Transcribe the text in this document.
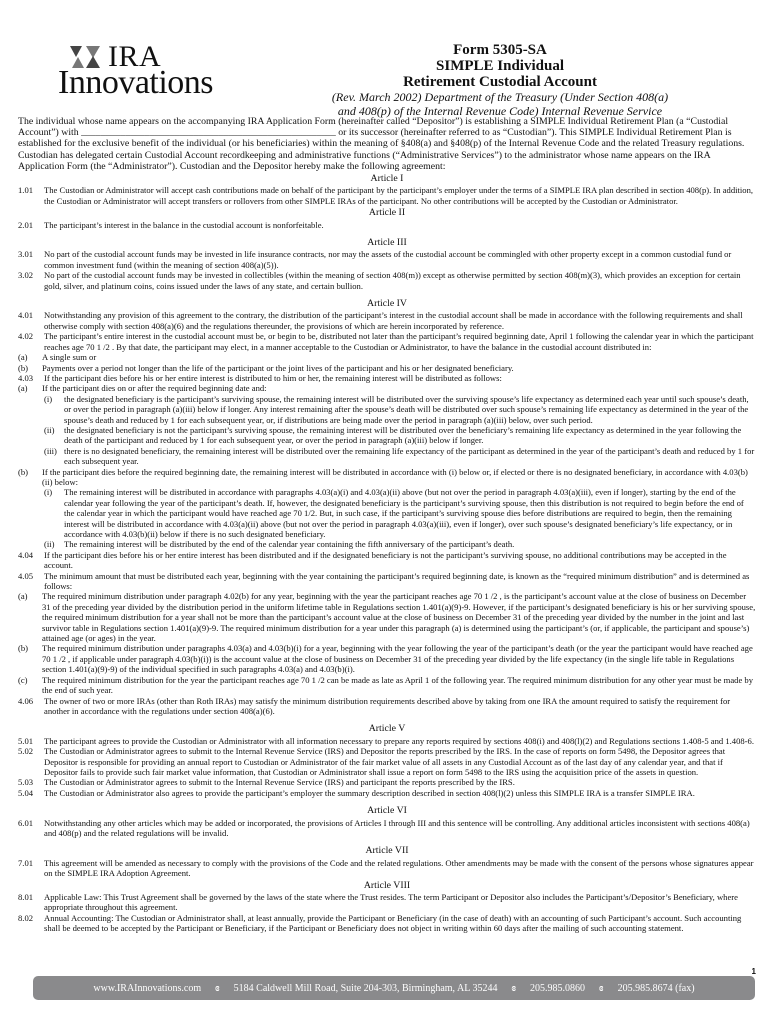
IRA
Innovations
Form 5305-SA
SIMPLE Individual
Retirement Custodial Account
(Rev. March 2002) Department of the Treasury (Under Section 408(a)
and 408(p) of the Internal Revenue Code) Internal Revenue Service

The individual whose name appears on the accompanying IRA Application Form (hereinafter called “Depositor”) is establishing a SIMPLE Individual Retirement Plan (a “Custodial Account”) with ____________________________________________________ or its successor (hereinafter referred to as “Custodian”). This SIMPLE Individual Retirement Plan is established for the exclusive benefit of the individual (or his beneficiaries) within the meaning of §408(a) and §408(p) of the Internal Revenue Code and the related Treasury regulations. Custodian has delegated certain Custodial Account recordkeeping and administrative functions (“Administrative Services”) to the administrator whose name appears on the IRA Application Form (the “Administrator”). Custodian and the Depositor hereby make the following agreement:

Article I
1.01	The Custodian or Administrator will accept cash contributions made on behalf of the participant by the participant’s employer under the terms of a SIMPLE IRA plan described in section 408(p). In addition, the Custodian or Administrator will accept transfers or rollovers from other SIMPLE IRAs of the participant. No other contributions will be accepted by the Custodian or Administrator.
Article II
2.01	The participant’s interest in the balance in the custodial account is nonforfeitable.
Article III
3.01	No part of the custodial account funds may be invested in life insurance contracts, nor may the assets of the custodial account be commingled with other property except in a common custodial fund or common investment fund (within the meaning of section 408(a)(5)).
3.02	No part of the custodial account funds may be invested in collectibles (within the meaning of section 408(m)) except as otherwise permitted by section 408(m)(3), which provides an exception for certain gold, silver, and platinum coins, coins issued under the laws of any state, and certain bullion.
Article IV
4.01	Notwithstanding any provision of this agreement to the contrary, the distribution of the participant’s interest in the custodial account shall be made in accordance with the following requirements and shall otherwise comply with section 408(a)(6) and the regulations thereunder, the provisions of which are herein incorporated by reference.
4.02	The participant’s entire interest in the custodial account must be, or begin to be, distributed not later than the participant’s required beginning date, April 1 following the calendar year in which the participant reaches age 70 1 /2 . By that date, the participant may elect, in a manner acceptable to the Custodian or Administrator, to have the balance in the custodial account distributed in:
(a)	A single sum or
(b)	Payments over a period not longer than the life of the participant or the joint lives of the participant and his or her designated beneficiary.
4.03	If the participant dies before his or her entire interest is distributed to him or her, the remaining interest will be distributed as follows:
(a)	If the participant dies on or after the required beginning date and:
(i)	the designated beneficiary is the participant’s surviving spouse, the remaining interest will be distributed over the surviving spouse’s life expectancy as determined each year until such spouse’s death, or over the period in paragraph (a)(iii) below if longer. Any interest remaining after the spouse’s death will be distributed over such spouse’s remaining life expectancy as determined in the year of the spouse’s death and reduced by 1 for each subsequent year, or, if distributions are being made over the period in paragraph (a)(iii) below, over such period.
(ii)	the designated beneficiary is not the participant’s surviving spouse, the remaining interest will be distributed over the beneficiary’s remaining life expectancy as determined in the year following the death of the participant and reduced by 1 for each subsequent year, or over the period in paragraph (a)(iii) below if longer.
(iii) there is no designated beneficiary, the remaining interest will be distributed over the remaining life expectancy of the participant as determined in the year of the participant’s death and reduced by 1 for each subsequent year.
(b)	If the participant dies before the required beginning date, the remaining interest will be distributed in accordance with (i) below or, if elected or there is no designated beneficiary, in accordance with 4.03(b)(ii) below:
(i)	The remaining interest will be distributed in accordance with paragraphs 4.03(a)(i) and 4.03(a)(ii) above (but not over the period in paragraph 4.03(a)(iii), even if longer), starting by the end of the calendar year following the year of the participant’s death. If, however, the designated beneficiary is the participant’s surviving spouse, then this distribution is not required to begin before the end of the calendar year in which the participant would have reached age 70 1/2. But, in such case, if the participant’s surviving spouse dies before distributions are required to begin, then the remaining interest will be distributed in accordance with 4.03(a)(ii) above (but not over the period in paragraph 4.03(a)(iii), even if longer), over such spouse’s designated beneficiary’s life expectancy, or in accordance with 4.03(b)(ii) below if there is no such designated beneficiary.
(ii)	The remaining interest will be distributed by the end of the calendar year containing the fifth anniversary of the participant’s death.
4.04	If the participant dies before his or her entire interest has been distributed and if the designated beneficiary is not the participant’s surviving spouse, no additional contributions may be accepted in the account.
4.05	The minimum amount that must be distributed each year, beginning with the year containing the participant’s required beginning date, is known as the “required minimum distribution” and is determined as follows:
(a)	The required minimum distribution under paragraph 4.02(b) for any year, beginning with the year the participant reaches age 70 1 /2 , is the participant’s account value at the close of business on December 31 of the preceding year divided by the distribution period in the uniform lifetime table in Regulations section 1.401(a)(9)-9. However, if the participant’s designated beneficiary is his or her surviving spouse, the required minimum distribution for a year shall not be more than the participant’s account value at the close of business on December 31 of the preceding year divided by the number in the joint and last survivor table in Regulations section 1.401(a)(9)-9. The required minimum distribution for a year under this paragraph (a) is determined using the participant’s (or, if applicable, the participant and spouse’s) attained age (or ages) in the year.
(b)	The required minimum distribution under paragraphs 4.03(a) and 4.03(b)(i) for a year, beginning with the year following the year of the participant’s death (or the year the participant would have reached age 70 1 /2 , if applicable under paragraph 4.03(b)(i)) is the account value at the close of business on December 31 of the preceding year divided by the life expectancy (in the single life table in Regulations section 1.401(a)(9)-9) of the individual specified in such paragraphs 4.03(a) and 4.03(b)(i).
(c)	The required minimum distribution for the year the participant reaches age 70 1 /2 can be made as late as April 1 of the following year. The required minimum distribution for any other year must be made by the end of such year.
4.06	The owner of two or more IRAs (other than Roth IRAs) may satisfy the minimum distribution requirements described above by taking from one IRA the amount required to satisfy the requirement for another in accordance with the regulations under section 408(a)(6).
Article V
5.01	The participant agrees to provide the Custodian or Administrator with all information necessary to prepare any reports required by sections 408(i) and 408(l)(2) and Regulations sections 1.408-5 and 1.408-6.
5.02	The Custodian or Administrator agrees to submit to the Internal Revenue Service (IRS) and Depositor the reports prescribed by the IRS. In the case of reports on form 5498, the Depositor agrees that Depositor is responsible for providing an annual report to Custodian or Administrator of the fair market value of all assets in any Custodial Account as of the last day of any calendar year, and that if Depositor fails to provide such fair market value information, that Custodian or Administrator shall issue a report on form 5498 to the IRS using the acquisition price of the assets in question.
5.03	The Custodian or Administrator agrees to submit to the Internal Revenue Service (IRS) and participant the reports prescribed by the IRS.
5.04	The Custodian or Administrator also agrees to provide the participant’s employer the summary description described in section 408(l)(2) unless this SIMPLE IRA is a transfer SIMPLE IRA.
Article VI
6.01	Notwithstanding any other articles which may be added or incorporated, the provisions of Articles I through III and this sentence will be controlling. Any additional articles inconsistent with sections 408(a) and 408(p) and the related regulations will be invalid.
Article VII
7.01	This agreement will be amended as necessary to comply with the provisions of the Code and the related regulations. Other amendments may be made with the consent of the persons whose signatures appear on the SIMPLE IRA Adoption Agreement.
Article VIII
8.01	Applicable Law: This Trust Agreement shall be governed by the laws of the state where the Trust resides. The term Participant or Depositor also includes the Participant’s/Depositor’s Beneficiary, where appropriate throughout this agreement.
8.02	Annual Accounting: The Custodian or Administrator shall, at least annually, provide the Participant or Beneficiary (in the case of death) with an accounting of such Participant’s account. Such accounting shall be deemed to be accepted by the Participant or Beneficiary, if the Participant or Beneficiary does not object in writing within 60 days after the mailing of such accounting statement.
1
www.IRAInnovations.com ɞ 5184 Caldwell Mill Road, Suite 204-303, Birmingham, AL 35244 ɞ 205.985.0860 ɞ 205.985.8674 (fax)
